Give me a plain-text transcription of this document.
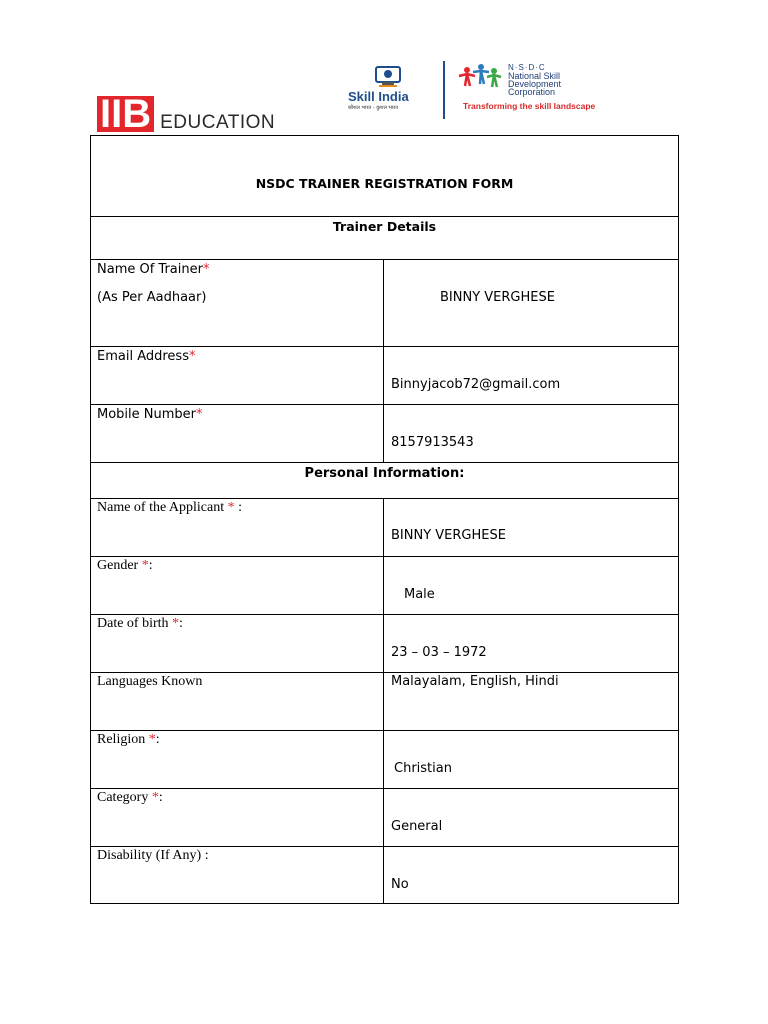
IIB EDUCATION
Skill India
कौशल भारत - कुशल भारत
N·S·D·C
National Skill Development Corporation
Transforming the skill landscape
NSDC TRAINER REGISTRATION FORM
Trainer Details
Name Of Trainer*
(As Per Aadhaar)	BINNY VERGHESE
Email Address*
Binnyjacob72@gmail.com
Mobile Number*
8157913543
Personal Information:
Name of the Applicant * :
BINNY VERGHESE
Gender *:
Male
Date of birth *:
23 – 03 – 1972
Languages Known	Malayalam, English, Hindi
Religion *:
Christian
Category *:
General
Disability (If Any) :
No
